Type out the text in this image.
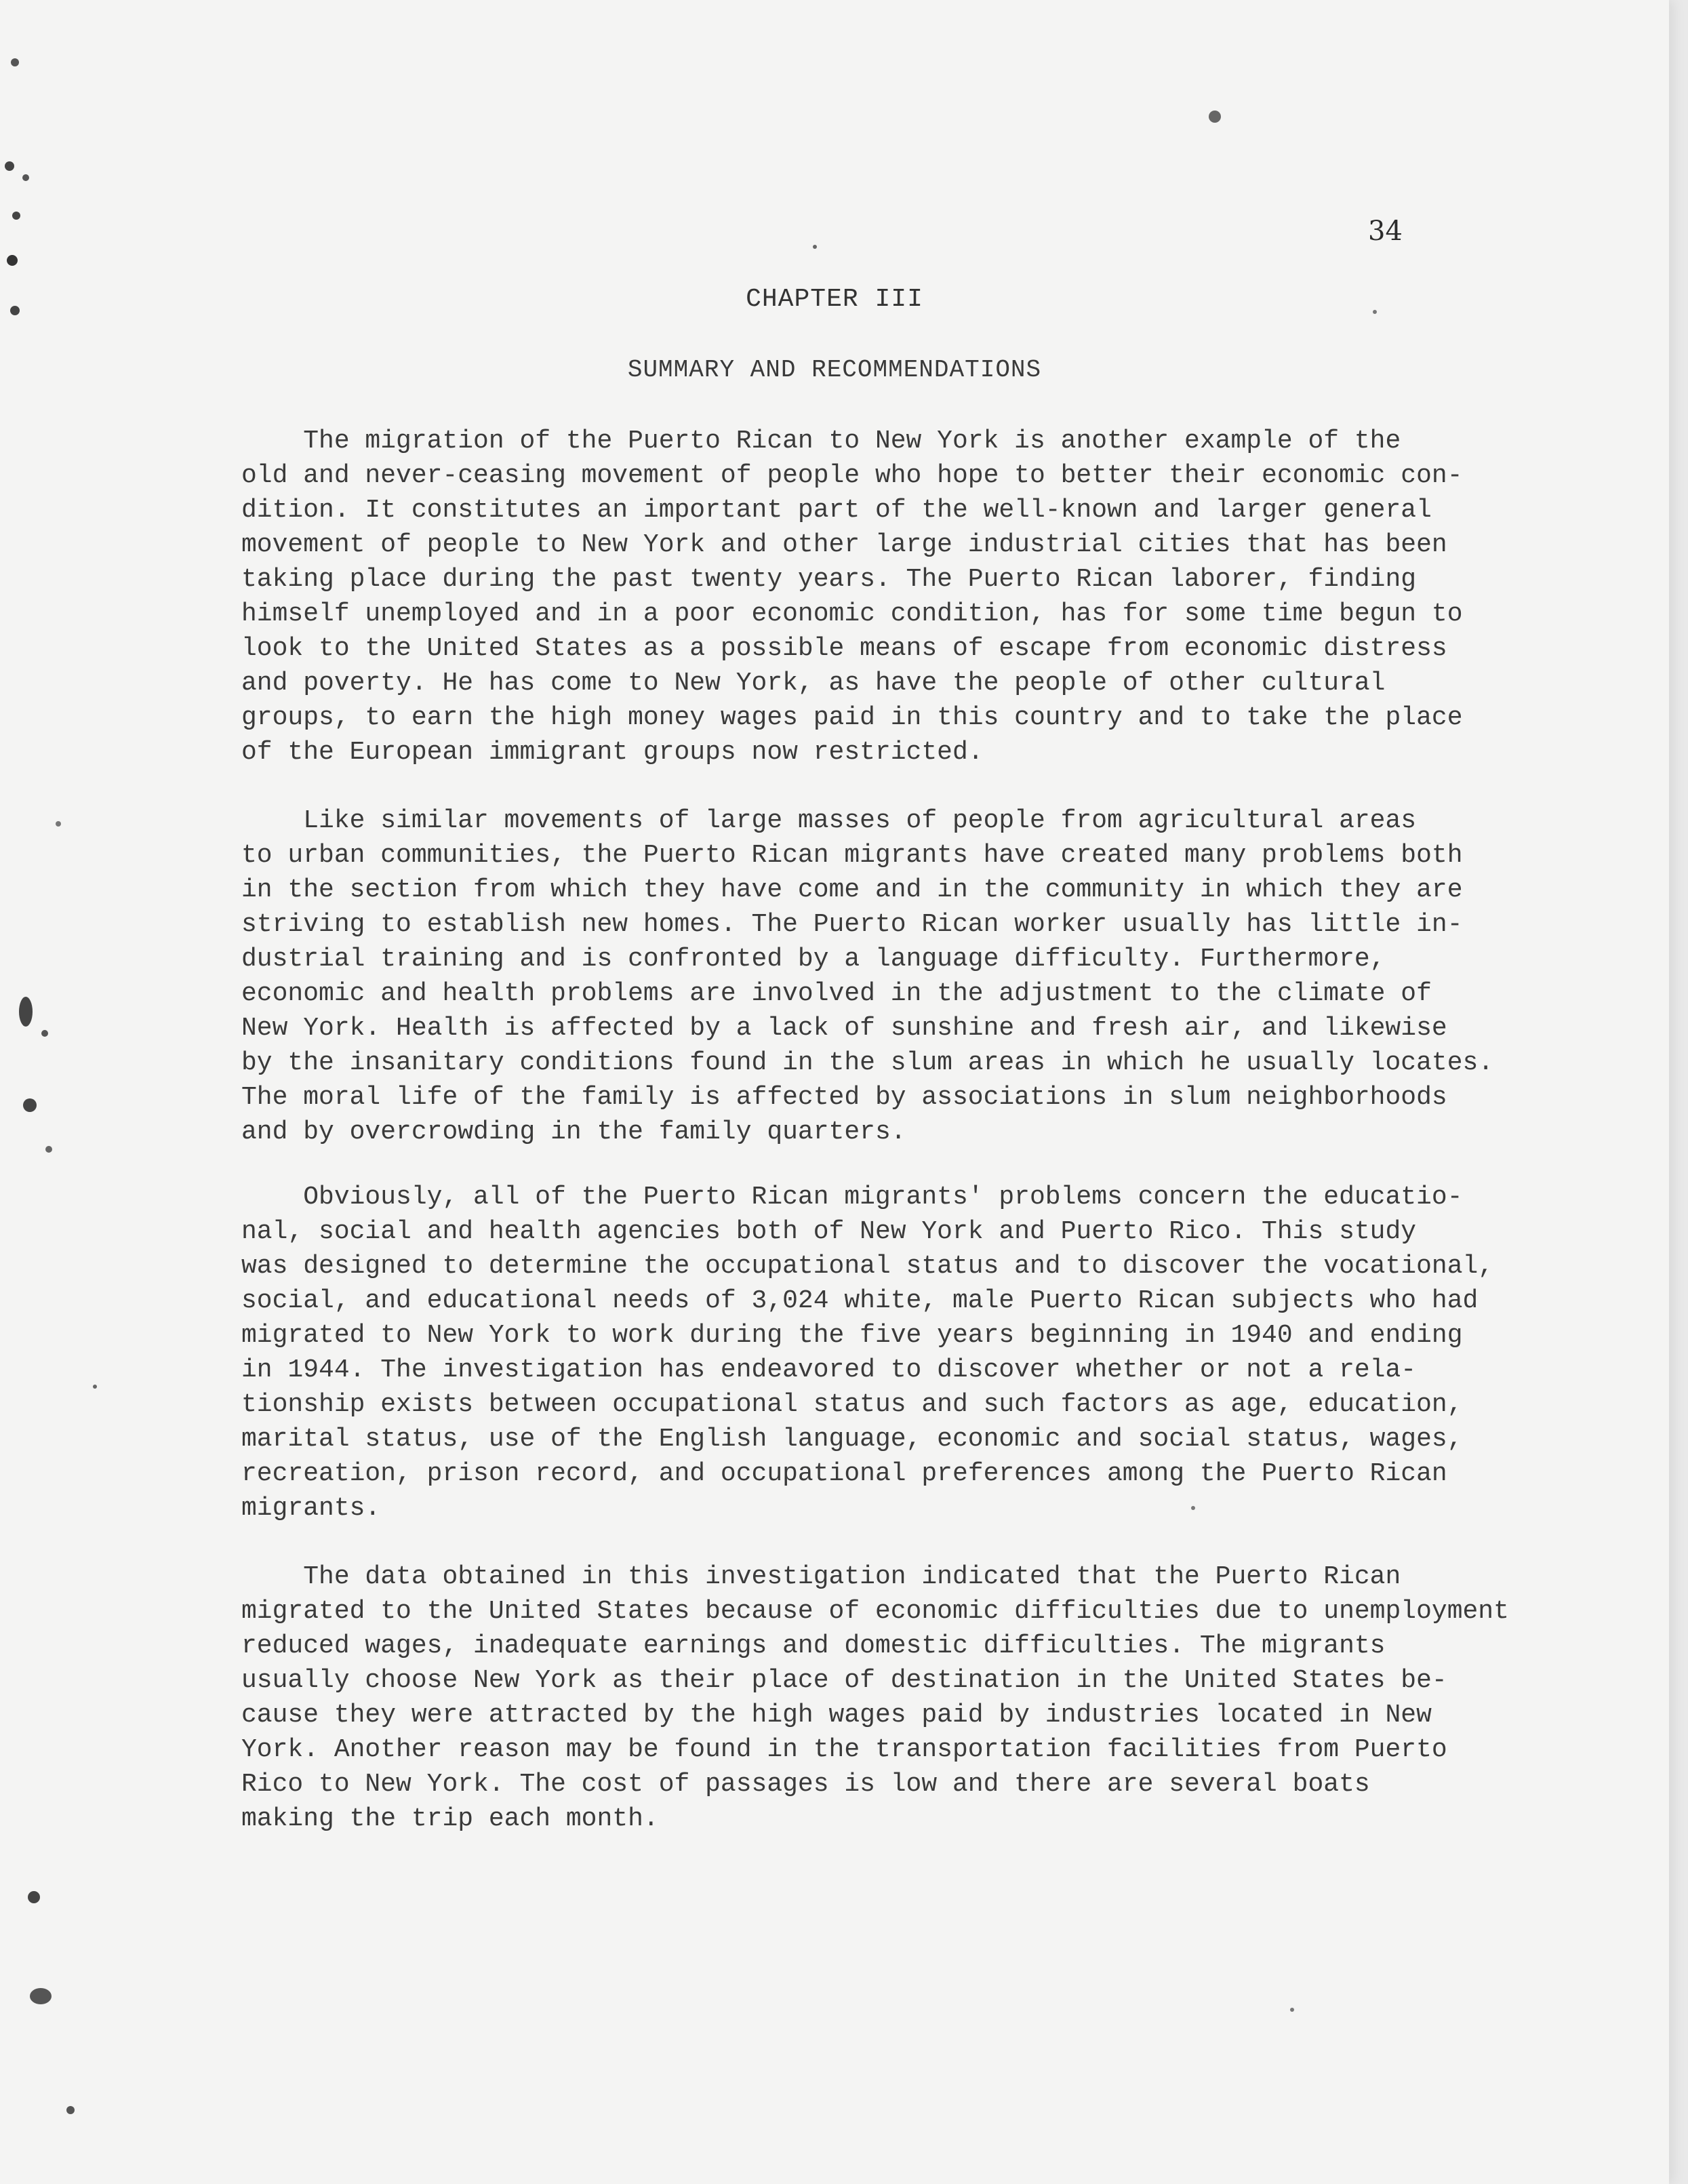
34
CHAPTER III
SUMMARY AND RECOMMENDATIONS
The migration of the Puerto Rican to New York is another example of the
old and never-ceasing movement of people who hope to better their economic con-
dition. It constitutes an important part of the well-known and larger general
movement of people to New York and other large industrial cities that has been
taking place during the past twenty years. The Puerto Rican laborer, finding
himself unemployed and in a poor economic condition, has for some time begun to
look to the United States as a possible means of escape from economic distress
and poverty. He has come to New York, as have the people of other cultural
groups, to earn the high money wages paid in this country and to take the place
of the European immigrant groups now restricted.
Like similar movements of large masses of people from agricultural areas
to urban communities, the Puerto Rican migrants have created many problems both
in the section from which they have come and in the community in which they are
striving to establish new homes. The Puerto Rican worker usually has little in-
dustrial training and is confronted by a language difficulty. Furthermore,
economic and health problems are involved in the adjustment to the climate of
New York. Health is affected by a lack of sunshine and fresh air, and likewise
by the insanitary conditions found in the slum areas in which he usually locates.
The moral life of the family is affected by associations in slum neighborhoods
and by overcrowding in the family quarters.
Obviously, all of the Puerto Rican migrants' problems concern the educatio-
nal, social and health agencies both of New York and Puerto Rico. This study
was designed to determine the occupational status and to discover the vocational,
social, and educational needs of 3,024 white, male Puerto Rican subjects who had
migrated to New York to work during the five years beginning in 1940 and ending
in 1944. The investigation has endeavored to discover whether or not a rela-
tionship exists between occupational status and such factors as age, education,
marital status, use of the English language, economic and social status, wages,
recreation, prison record, and occupational preferences among the Puerto Rican
migrants.
The data obtained in this investigation indicated that the Puerto Rican
migrated to the United States because of economic difficulties due to unemployment
reduced wages, inadequate earnings and domestic difficulties. The migrants
usually choose New York as their place of destination in the United States be-
cause they were attracted by the high wages paid by industries located in New
York. Another reason may be found in the transportation facilities from Puerto
Rico to New York. The cost of passages is low and there are several boats
making the trip each month.
